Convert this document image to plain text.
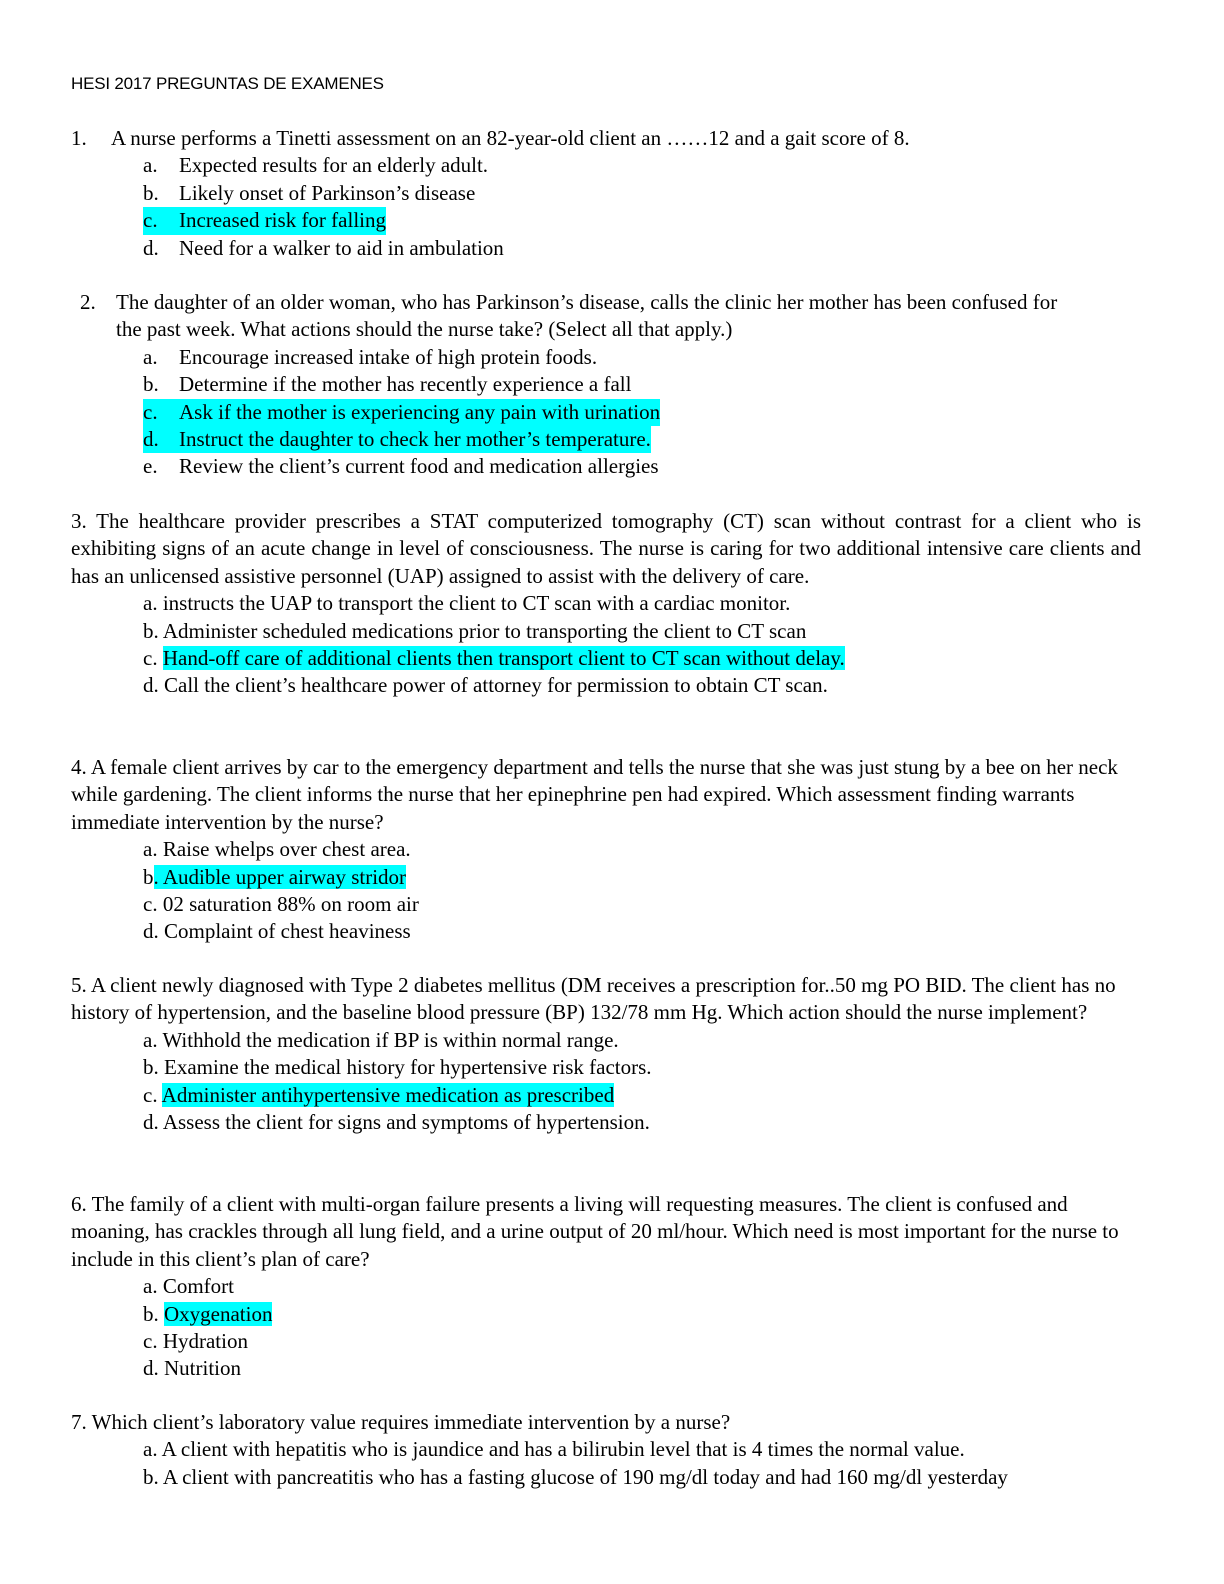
HESI 2017 PREGUNTAS DE EXAMENES
1.	A nurse performs a Tinetti assessment on an 82-year-old client an ……12 and a gait score of 8.
a.	Expected results for an elderly adult.
b. Likely onset of Parkinson’s disease
c.	Increased risk for falling
d. Need for a walker to aid in ambulation
2. The daughter of an older woman, who has Parkinson’s disease, calls the clinic her mother has been confused for the past week. What actions should the nurse take? (Select all that apply.)
a.	Encourage increased intake of high protein foods.
b. Determine if the mother has recently experience a fall
c.	Ask if the mother is experiencing any pain with urination
d. Instruct the daughter to check her mother’s temperature.
e.	Review the client’s current food and medication allergies

3. The healthcare provider prescribes a STAT computerized tomography (CT) scan without contrast for a client who is exhibiting signs of an acute change in level of consciousness. The nurse is caring for two additional intensive care clients and has an unlicensed assistive personnel (UAP) assigned to assist with the delivery of care.

a. instructs the UAP to transport the client to CT scan with a cardiac monitor.
b. Administer scheduled medications prior to transporting the client to CT scan
c. Hand-off care of additional clients then transport client to CT scan without delay.
d. Call the client’s healthcare power of attorney for permission to obtain CT scan.

4. A female client arrives by car to the emergency department and tells the nurse that she was just stung by a bee on her neck while gardening. The client informs the nurse that her epinephrine pen had expired. Which assessment finding warrants immediate intervention by the nurse?

a. Raise whelps over chest area.
b. Audible upper airway stridor
c. 02 saturation 88% on room air
d. Complaint of chest heaviness

5. A client newly diagnosed with Type 2 diabetes mellitus (DM receives a prescription for..50 mg PO BID. The client has no history of hypertension, and the baseline blood pressure (BP) 132/78 mm Hg. Which action should the nurse implement?

a. Withhold the medication if BP is within normal range.
b. Examine the medical history for hypertensive risk factors.
c. Administer antihypertensive medication as prescribed
d. Assess the client for signs and symptoms of hypertension.

6. The family of a client with multi-organ failure presents a living will requesting measures. The client is confused and moaning, has crackles through all lung field, and a urine output of 20 ml/hour. Which need is most important for the nurse to include in this client’s plan of care?

a. Comfort
b. Oxygenation
c. Hydration
d. Nutrition

7. Which client’s laboratory value requires immediate intervention by a nurse?

a. A client with hepatitis who is jaundice and has a bilirubin level that is 4 times the normal value.
b. A client with pancreatitis who has a fasting glucose of 190 mg/dl today and had 160 mg/dl yesterday
